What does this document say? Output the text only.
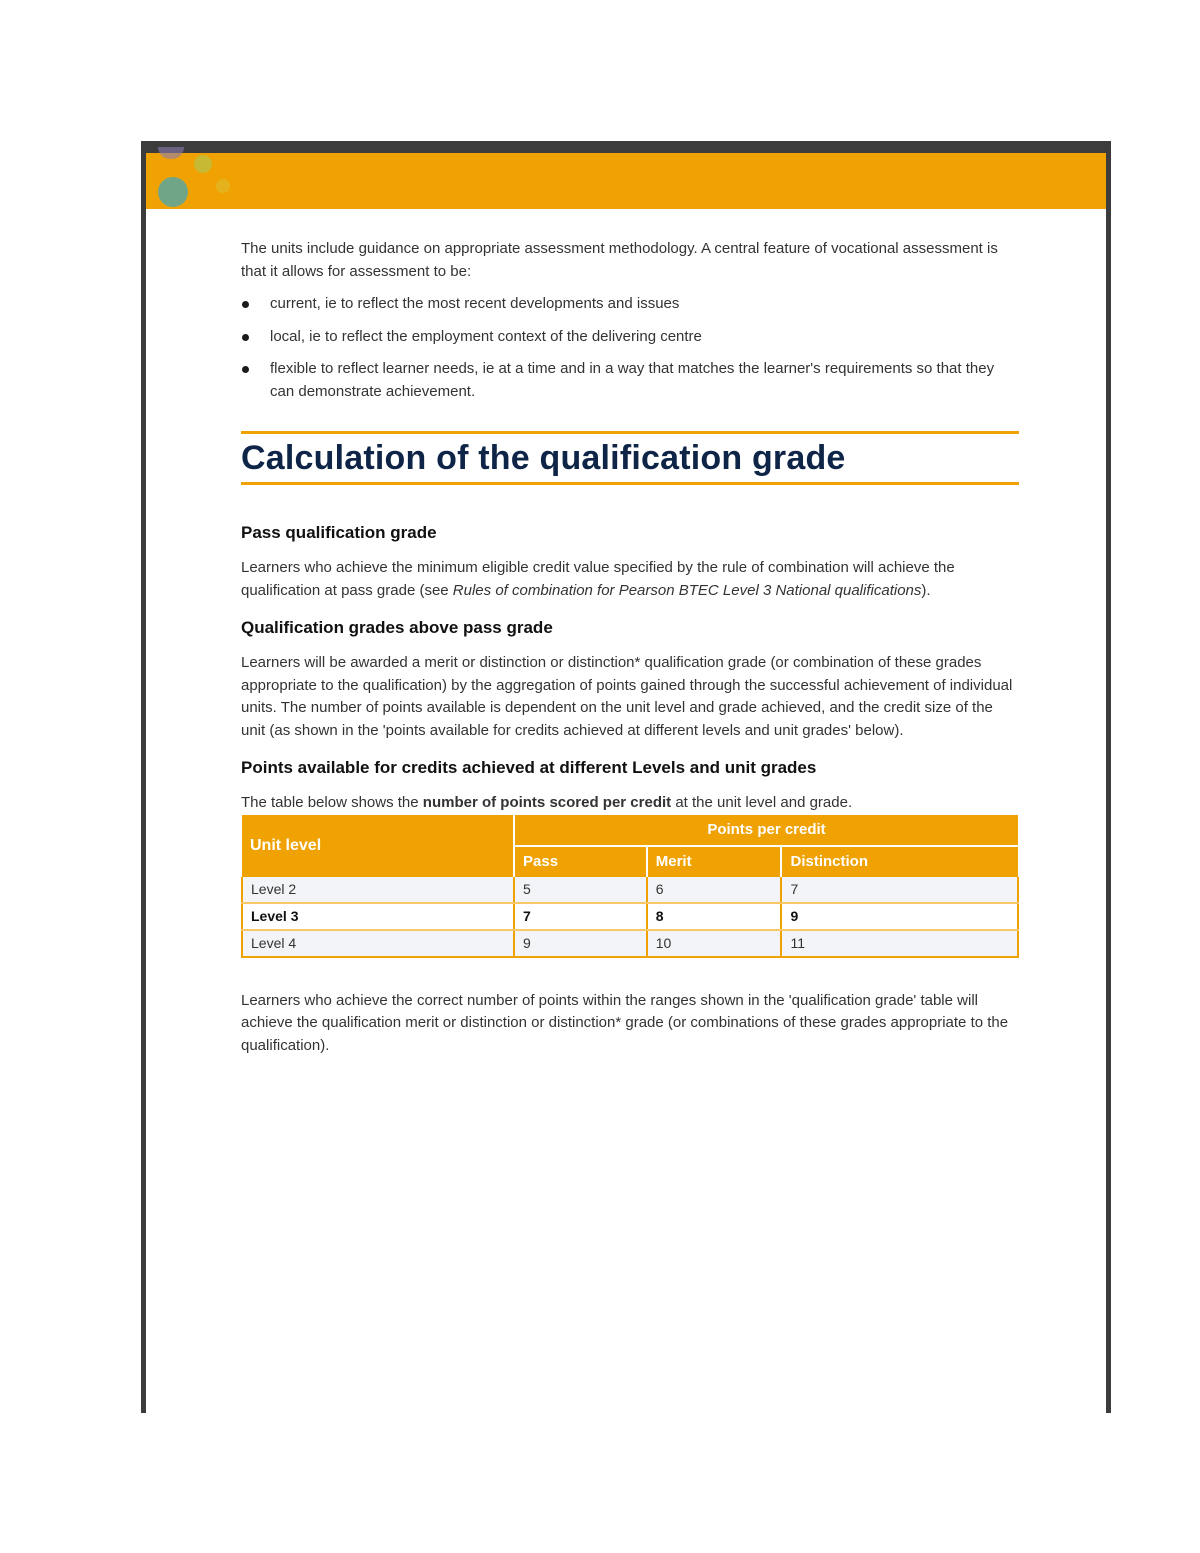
The units include guidance on appropriate assessment methodology. A central feature of vocational assessment is that it allows for assessment to be:

current, ie to reflect the most recent developments and issues
local, ie to reflect the employment context of the delivering centre
flexible to reflect learner needs, ie at a time and in a way that matches the learner's requirements so that they can demonstrate achievement.
Calculation of the qualification grade
Pass qualification grade

Learners who achieve the minimum eligible credit value specified by the rule of combination will achieve the qualification at pass grade (see Rules of combination for Pearson BTEC Level 3 National qualifications).

Qualification grades above pass grade

Learners will be awarded a merit or distinction or distinction* qualification grade (or combination of these grades appropriate to the qualification) by the aggregation of points gained through the successful achievement of individual units. The number of points available is dependent on the unit level and grade achieved, and the credit size of the unit (as shown in the 'points available for credits achieved at different levels and unit grades' below).

Points available for credits achieved at different Levels and unit grades

The table below shows the number of points scored per credit at the unit level and grade.

Unit level	Points per credit		
	Pass	Merit	Distinction
Level 2	5	6	7
Level 3	7	8	9
Level 4	9	10	11

Learners who achieve the correct number of points within the ranges shown in the 'qualification grade' table will achieve the qualification merit or distinction or distinction* grade (or combinations of these grades appropriate to the qualification).
